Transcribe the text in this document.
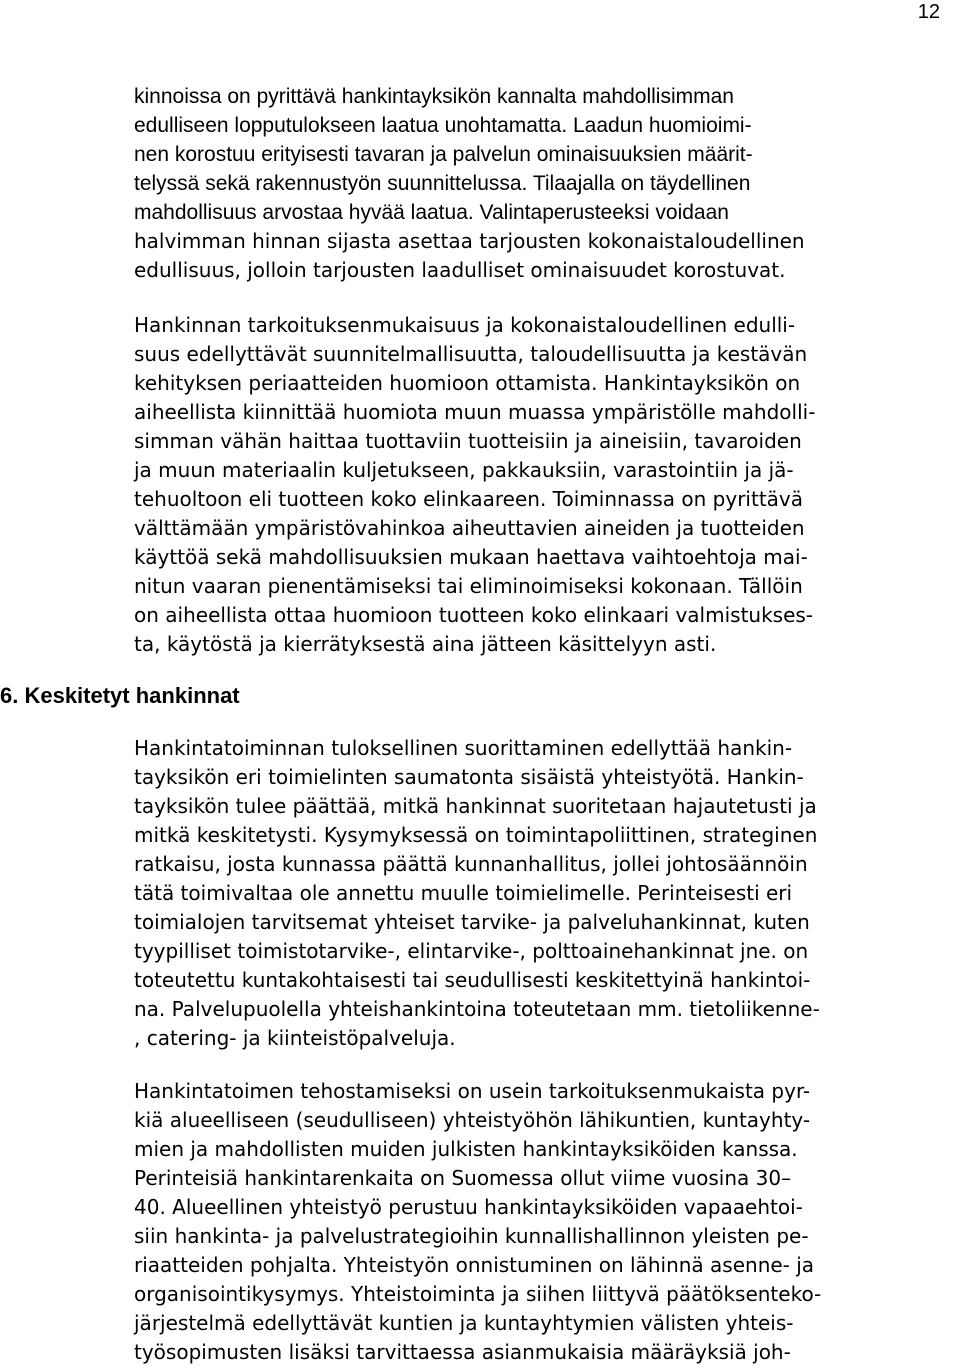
12
kinnoissa on pyrittävä hankintayksikön kannalta mahdollisimman
edulliseen lopputulokseen laatua unohtamatta. Laadun huomioimi-
nen korostuu erityisesti tavaran ja palvelun ominaisuuksien määrit-
telyssä sekä rakennustyön suunnittelussa. Tilaajalla on täydellinen
mahdollisuus arvostaa hyvää laatua. Valintaperusteeksi voidaan
halvimman hinnan sijasta asettaa tarjousten kokonaistaloudellinen
edullisuus, jolloin tarjousten laadulliset ominaisuudet korostuvat.
Hankinnan tarkoituksenmukaisuus ja kokonaistaloudellinen edulli-
suus edellyttävät suunnitelmallisuutta, taloudellisuutta ja kestävän
kehityksen periaatteiden huomioon ottamista. Hankintayksikön on
aiheellista kiinnittää huomiota muun muassa ympäristölle mahdolli-
simman vähän haittaa tuottaviin tuotteisiin ja aineisiin, tavaroiden
ja muun materiaalin kuljetukseen, pakkauksiin, varastointiin ja jä-
tehuoltoon eli tuotteen koko elinkaareen. Toiminnassa on pyrittävä
välttämään ympäristövahinkoa aiheuttavien aineiden ja tuotteiden
käyttöä sekä mahdollisuuksien mukaan haettava vaihtoehtoja mai-
nitun vaaran pienentämiseksi tai eliminoimiseksi kokonaan. Tällöin
on aiheellista ottaa huomioon tuotteen koko elinkaari valmistukses-
ta, käytöstä ja kierrätyksestä aina jätteen käsittelyyn asti.
6. Keskitetyt hankinnat
Hankintatoiminnan tuloksellinen suorittaminen edellyttää hankin-
tayksikön eri toimielinten saumatonta sisäistä yhteistyötä. Hankin-
tayksikön tulee päättää, mitkä hankinnat suoritetaan hajautetusti ja
mitkä keskitetysti. Kysymyksessä on toimintapoliittinen, strateginen
ratkaisu, josta kunnassa päättä kunnanhallitus, jollei johtosäännöin
tätä toimivaltaa ole annettu muulle toimielimelle. Perinteisesti eri
toimialojen tarvitsemat yhteiset tarvike- ja palveluhankinnat, kuten
tyypilliset toimistotarvike-, elintarvike-, polttoainehankinnat jne. on
toteutettu kuntakohtaisesti tai seudullisesti keskitettyinä hankintoi-
na. Palvelupuolella yhteishankintoina toteutetaan mm. tietoliikenne-
, catering- ja kiinteistöpalveluja.
Hankintatoimen tehostamiseksi on usein tarkoituksenmukaista pyr-
kiä alueelliseen (seudulliseen) yhteistyöhön lähikuntien, kuntayhty-
mien ja mahdollisten muiden julkisten hankintayksiköiden kanssa.
Perinteisiä hankintarenkaita on Suomessa ollut viime vuosina 30–
40. Alueellinen yhteistyö perustuu hankintayksiköiden vapaaehtoi-
siin hankinta- ja palvelustrategioihin kunnallishallinnon yleisten pe-
riaatteiden pohjalta. Yhteistyön onnistuminen on lähinnä asenne- ja
organisointikysymys. Yhteistoiminta ja siihen liittyvä päätöksenteko-
järjestelmä edellyttävät kuntien ja kuntayhtymien välisten yhteis-
työsopimusten lisäksi tarvittaessa asianmukaisia määräyksiä joh-
